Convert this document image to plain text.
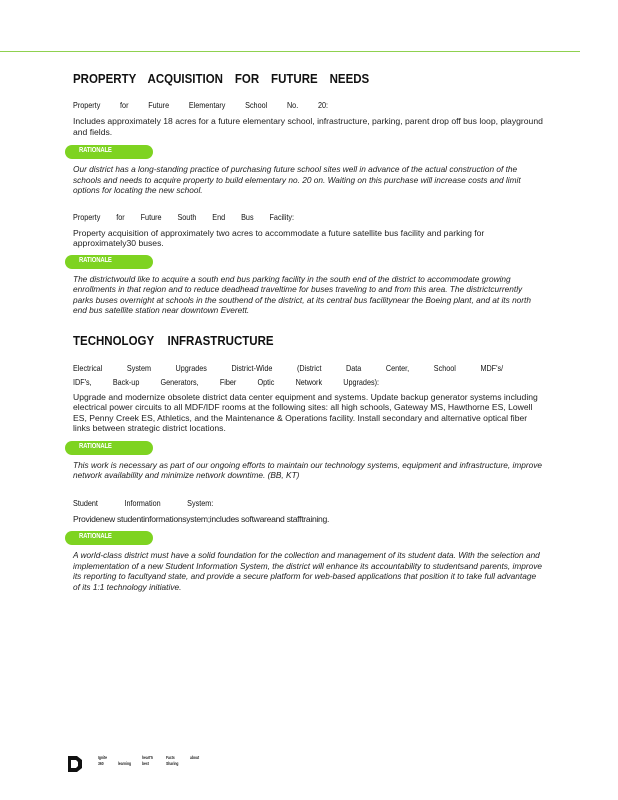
PROPERTY ACQUISITION FOR FUTURE NEEDS

Property for Future Elementary School No. 20:

Includes approximately 18 acres for a future elementary school, infrastructure, parking, parent drop off bus loop, playground and fields.

RATIONALE

Our district has a long-standing practice of purchasing future school sites well in advance of the actual construction of the schools and needs to acquire property to build elementary no. 20 on. Waiting on this purchase will increase costs and limit options for locating the new school.

Property for Future South End Bus Facility:

Property acquisition of approximately two acres to accommodate a future satellite bus facility and parking for approximately30 buses.

RATIONALE

The districtwould like to acquire a south end bus parking facility in the south end of the district to accommodate growing enrollments in that region and to reduce deadhead traveltime for buses traveling to and from this area. The districtcurrently parks buses overnight at schools in the southend of the district, at its central bus facilitynear the Boeing plant, and at its north end bus satellite station near downtown Everett.

TECHNOLOGY INFRASTRUCTURE

Electrical System Upgrades District-Wide (District Data Center, School MDF's/

IDF's, Back-up Generators, Fiber Optic Network Upgrades):

Upgrade and modernize obsolete district data center equipment and systems. Update backup generator systems including electrical power circuits to all MDF/IDF rooms at the following sites: all high schools, Gateway MS, Hawthorne ES, Lowell ES, Penny Creek ES, Athletics, and the Maintenance & Operations facility. Install secondary and alternative optical fiber links between strategic district locations.

RATIONALE

This work is necessary as part of our ongoing efforts to maintain our technology systems, equipment and infrastructure, improve network availability and minimize network downtime. (BB, KT)

Student Information System:

Providenew studentinformationsystem;includes softwareand stafftraining.

RATIONALE

A world-class district must have a solid foundation for the collection and management of its student data. With the selection and implementation of a new Student Information System, the district will enhance its accountability to studentsand parents, improve its reporting to facultyand state, and provide a secure platform for web-based applications that position it to take full advantage of its 1:1 technology initiative.

Ignite
360
	learning
heart'5
best
Facts
Sharing
about
